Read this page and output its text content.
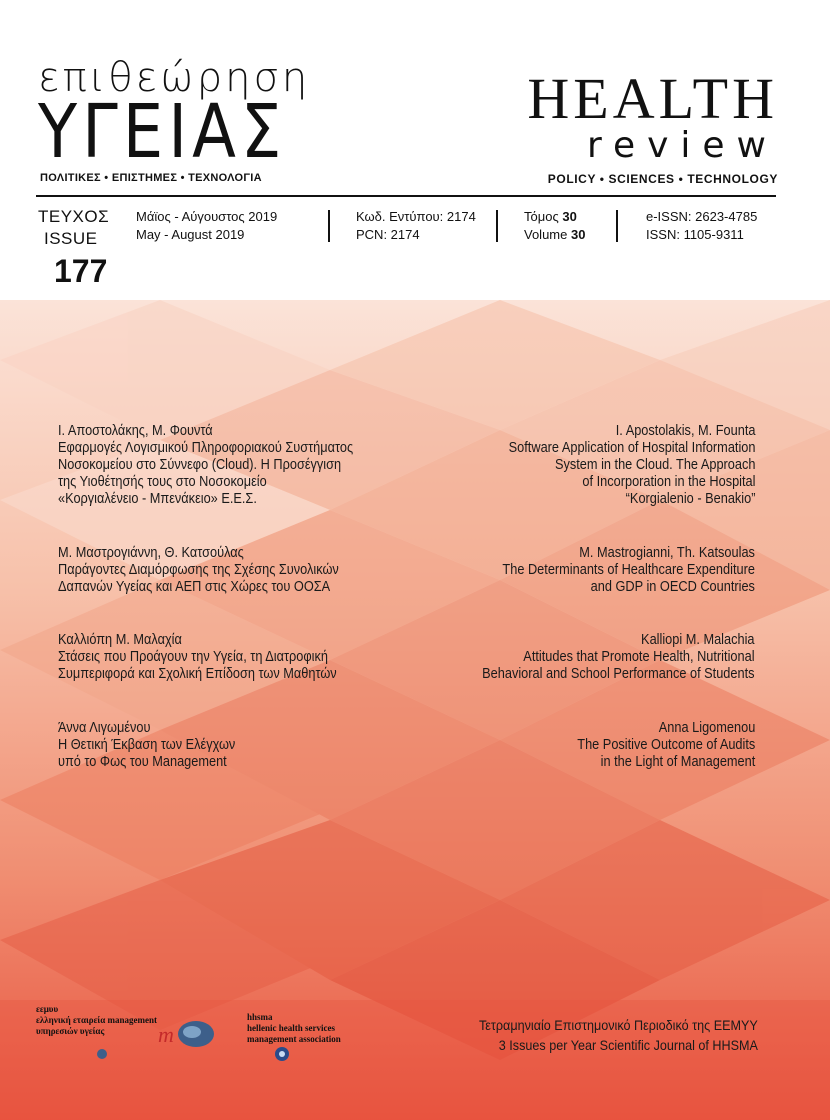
επιθεώρηση
ΥΓΕΙΑΣ
ΠΟΛΙΤΙΚΕΣ • ΕΠΙΣΤΗΜΕΣ • ΤΕΧΝΟΛΟΓΙΑ
HEALTH
review
POLICY • SCIENCES • TECHNOLOGY
ΤΕΥΧΟΣ
ISSUE
177
Μάϊος - Αύγουστος 2019
May - August 2019
Κωδ. Εντύπου: 2174
PCN: 2174
Τόμος 30
Volume 30
e-ISSN: 2623-4785
ISSN: 1105-9311
Ι. Αποστολάκης, Μ. Φουντά
Εφαρμογές Λογισμικού Πληροφοριακού Συστήματος
Νοσοκομείου στο Σύννεφο (Cloud). Η Προσέγγιση
της Υιοθέτησής τους στο Νοσοκομείο
«Κοργιαλένειο - Μπενάκειο» Ε.Ε.Σ.
Μ. Μαστρογιάννη, Θ. Κατσούλας
Παράγοντες Διαμόρφωσης της Σχέσης Συνολικών
Δαπανών Υγείας και ΑΕΠ στις Χώρες του ΟΟΣΑ
Καλλιόπη Μ. Μαλαχία
Στάσεις που Προάγουν την Υγεία, τη Διατροφική
Συμπεριφορά και Σχολική Επίδοση των Μαθητών
Άννα Λιγωμένου
Η Θετική Έκβαση των Ελέγχων
υπό το Φως του Management
I. Apostolakis, M. Founta
Software Application of Hospital Information
System in the Cloud. The Approach
of Incorporation in the Hospital
“Korgialenio - Benakio”
M. Mastrogianni, Th. Katsoulas
The Determinants of Healthcare Expenditure
and GDP in OECD Countries
Kalliopi M. Malachia
Attitudes that Promote Health, Nutritional
Behavioral and School Performance of Students
Anna Ligomenou
The Positive Outcome of Audits
in the Light of Management
εεμυυ
ελληνική εταιρεία management
υπηρεσιών υγείας	m
hhsma
hellenic health services
management association
Τετραμηνιαίο Επιστημονικό Περιοδικό της ΕΕΜΥΥ
3 Issues per Year Scientific Journal of HHSMA
